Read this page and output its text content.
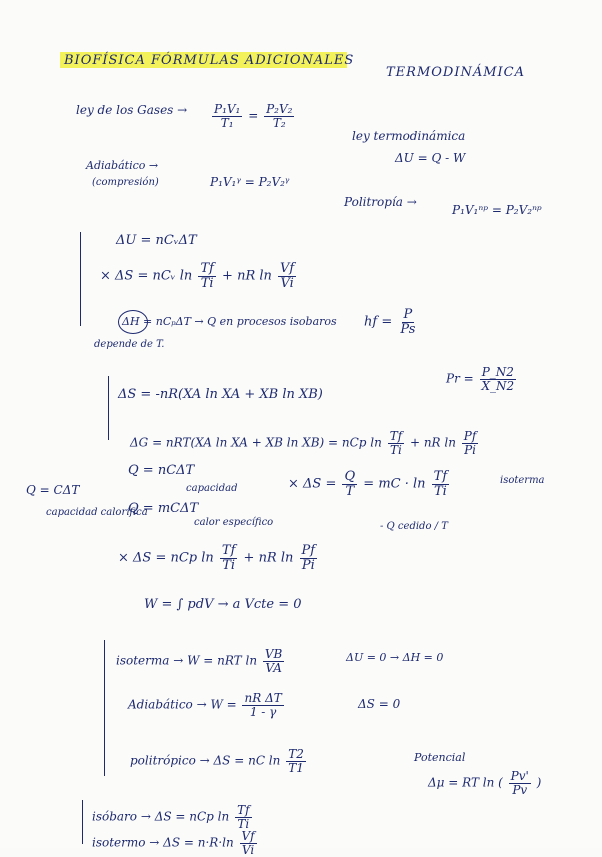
BIOFÍSICA FÓRMULAS ADICIONALES
TERMODINÁMICA
ley de los Gases → $\frac{\text{P₁V₁}}{\text{T₁}} = \frac{\text{P₂V₂}}{\text{T₂}}$
ley termodinámica
ΔU = Q - W
Adiabático →
(compresión)	P₁V₁ᵞ = P₂V₂ᵞ
Politropía →
P₁V₁ⁿᵖ = P₂V₂ⁿᵖ
ΔU = nCᵥΔT
× ΔS = nCᵥ $\ln \frac{Tf}{Ti}$ + nR $\ln \frac{Vf}{Vi}$
ΔH = nCₚΔT → Q en procesos isobaros
depende de T.
hf = $\frac{P}{Ps}$
$Pr = \frac{P\_N2}{X\_N2}$
ΔS = -nR(XA ln XA + XB ln XB)
ΔG = nRT(XA ln XA + XB ln XB) = nCp $\ln \frac{Tf}{Ti}$ + nR $\ln \frac{Pf}{Pi}$
Q = CΔT
capacidad calorífica
Q = nCΔT
capacidad
Q = mCΔT
calor específico
× $\Delta S = \frac{Q}{T}$ = mC · $\ln \frac{Tf}{Ti}$	isoterma
- Q cedido / T
× ΔS = nCp $\ln \frac{Tf}{Ti}$ + nR $\ln \frac{Pf}{Pi}$
W = ∫ pdV → a Vcte = 0
isoterma → W = nRT $\ln \frac{VB}{VA}$	ΔU = 0 → ΔH = 0
Adiabático → $W = \frac{\text{nR ΔT}}{1 - \gamma}$	ΔS = 0
politrópico → ΔS = nC $\ln \frac{T2}{T1}$	Potencial
Δμ = RT ln ( $\frac{Pv'}{Pv}$ )
isóbaro → ΔS = nCp $\ln \frac{Tf}{Ti}$
isotermo → $\Delta S = n\cdot R\cdot\ln \frac{Vf}{Vi}$
